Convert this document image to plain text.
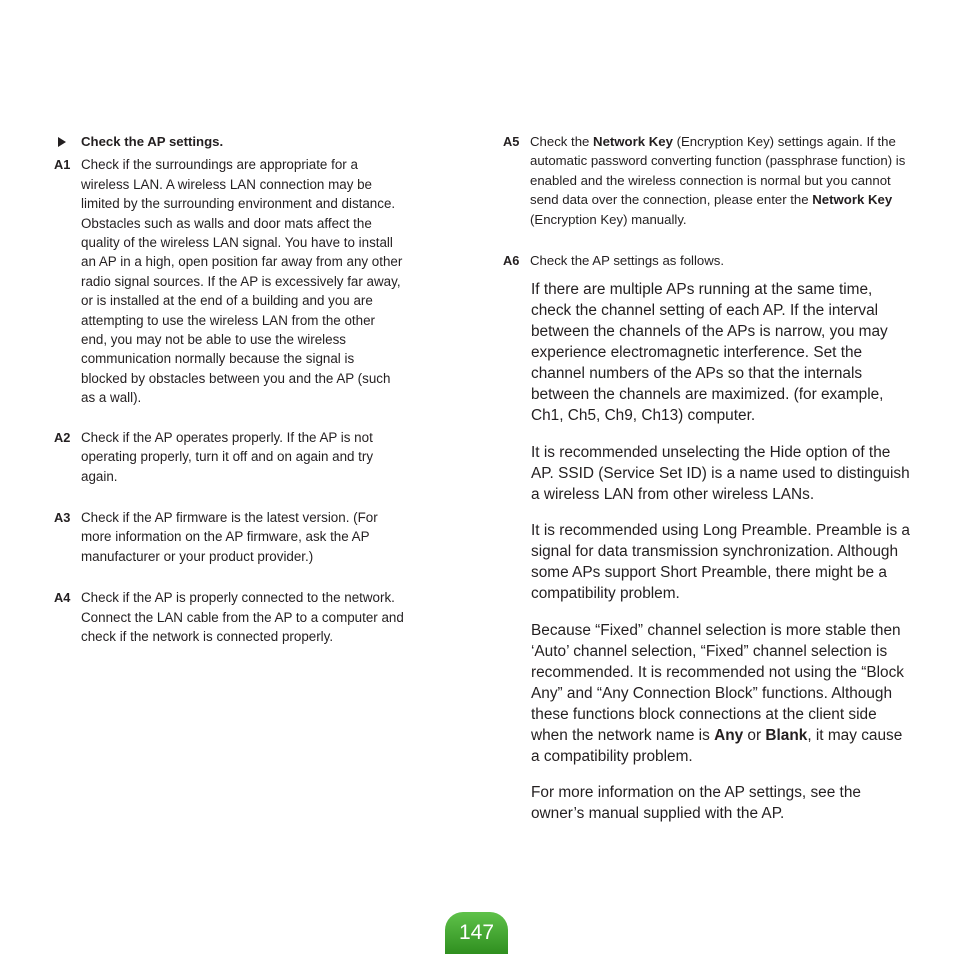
Check the AP settings.
A1 Check if the surroundings are appropriate for a wireless LAN. A wireless LAN connection may be limited by the surrounding environment and distance. Obstacles such as walls and door mats affect the quality of the wireless LAN signal. You have to install an AP in a high, open position far away from any other radio signal sources. If the AP is excessively far away, or is installed at the end of a building and you are attempting to use the wireless LAN from the other end, you may not be able to use the wireless communication normally because the signal is blocked by obstacles between you and the AP (such as a wall).
A2 Check if the AP operates properly. If the AP is not operating properly, turn it off and on again and try again.
A3 Check if the AP firmware is the latest version. (For more information on the AP firmware, ask the AP manufacturer or your product provider.)
A4 Check if the AP is properly connected to the network. Connect the LAN cable from the AP to a computer and check if the network is connected properly.
A5 Check the Network Key (Encryption Key) settings again. If the automatic password converting function (passphrase function) is enabled and the wireless connection is normal but you cannot send data over the connection, please enter the Network Key (Encryption Key) manually.
A6 Check the AP settings as follows.

If there are multiple APs running at the same time, check the channel setting of each AP. If the interval between the channels of the APs is narrow, you may experience electromagnetic interference. Set the channel numbers of the APs so that the internals between the channels are maximized. (for example, Ch1, Ch5, Ch9, Ch13) computer.

It is recommended unselecting the Hide option of the AP. SSID (Service Set ID) is a name used to distinguish a wireless LAN from other wireless LANs.

It is recommended using Long Preamble. Preamble is a signal for data transmission synchronization. Although some APs support Short Preamble, there might be a compatibility problem.

Because “Fixed” channel selection is more stable then ‘Auto’ channel selection, “Fixed” channel selection is recommended. It is recommended not using the “Block Any” and “Any Connection Block” functions. Although these functions block connections at the client side when the network name is Any or Blank, it may cause a compatibility problem.

For more information on the AP settings, see the owner’s manual supplied with the AP.

147
